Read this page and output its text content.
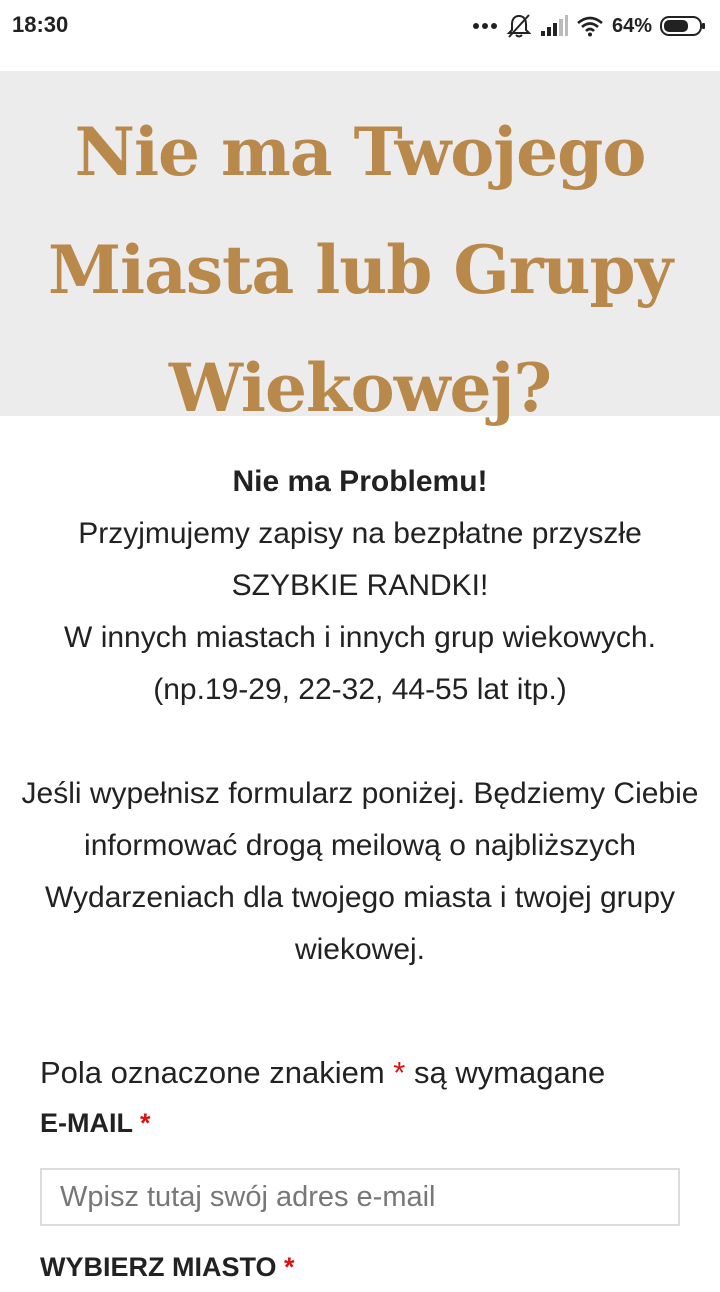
18:30	64%
Nie ma Twojego Miasta lub Grupy Wiekowej?

Nie ma Problemu!

Przyjmujemy zapisy na bezpłatne przyszłe

SZYBKIE RANDKI!

W innych miastach i innych grup wiekowych.

(np.19-29, 22-32, 44-55 lat itp.)

Jeśli wypełnisz formularz poniżej. Będziemy Ciebie informować drogą meilową o najbliższych Wydarzeniach dla twojego miasta i twojej grupy wiekowej.

Pola oznaczone znakiem * są wymagane
E-MAIL *
Wpisz tutaj swój adres e-mail
WYBIERZ MIASTO *
